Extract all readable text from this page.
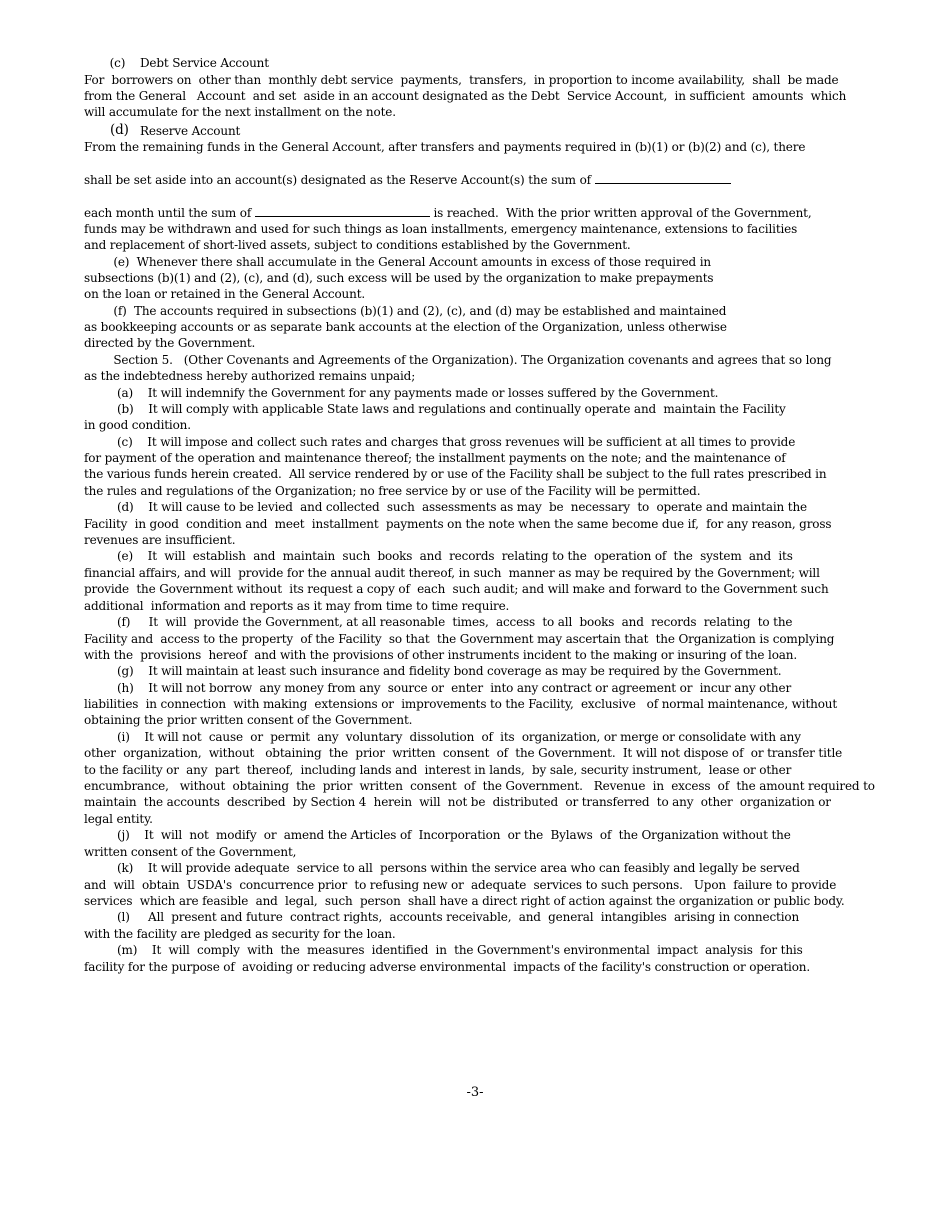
(c)    Debt Service Account
For  borrowers on  other than  monthly debt service  payments,  transfers,  in proportion to income availability,  shall  be made
from the General   Account  and set  aside in an account designated as the Debt  Service Account,  in sufficient  amounts  which
will accumulate for the next installment on the note.
(d) Reserve Account
From the remaining funds in the General Account, after transfers and payments required in (b)(1) or (b)(2) and (c), there
shall be set aside into an account(s) designated as the Reserve Account(s) the sum of
each month until the sum of	is reached.  With the prior written approval of the Government,
funds may be withdrawn and used for such things as loan installments, emergency maintenance, extensions to facilities
and replacement of short-lived assets, subject to conditions established by the Government.
(e)  Whenever there shall accumulate in the General Account amounts in excess of those required in
subsections (b)(1) and (2), (c), and (d), such excess will be used by the organization to make prepayments
on the loan or retained in the General Account.
(f)  The accounts required in subsections (b)(1) and (2), (c), and (d) may be established and maintained
as bookkeeping accounts or as separate bank accounts at the election of the Organization, unless otherwise
directed by the Government.
Section 5.   (Other Covenants and Agreements of the Organization). The Organization covenants and agrees that so long
as the indebtedness hereby authorized remains unpaid;
(a)    It will indemnify the Government for any payments made or losses suffered by the Government.
(b)    It will comply with applicable State laws and regulations and continually operate and  maintain the Facility
in good condition.
(c)    It will impose and collect such rates and charges that gross revenues will be sufficient at all times to provide
for payment of the operation and maintenance thereof; the installment payments on the note; and the maintenance of
the various funds herein created.  All service rendered by or use of the Facility shall be subject to the full rates prescribed in
the rules and regulations of the Organization; no free service by or use of the Facility will be permitted.
(d)    It will cause to be levied  and collected  such  assessments as may  be  necessary  to  operate and maintain the
Facility  in good  condition and  meet  installment  payments on the note when the same become due if,  for any reason, gross
revenues are insufficient.
(e)    It  will  establish  and  maintain  such  books  and  records  relating to the  operation of  the  system  and  its
financial affairs, and will  provide for the annual audit thereof, in such  manner as may be required by the Government; will
provide  the Government without  its request a copy of  each  such audit; and will make and forward to the Government such
additional  information and reports as it may from time to time require.
(f)     It  will  provide the Government, at all reasonable  times,  access  to all  books  and  records  relating  to the
Facility and  access to the property  of the Facility  so that  the Government may ascertain that  the Organization is complying
with the  provisions  hereof  and with the provisions of other instruments incident to the making or insuring of the loan.
(g)    It will maintain at least such insurance and fidelity bond coverage as may be required by the Government.
(h)    It will not borrow  any money from any  source or  enter  into any contract or agreement or  incur any other
liabilities  in connection  with making  extensions or  improvements to the Facility,  exclusive   of normal maintenance, without
obtaining the prior written consent of the Government.
(i)    It will not  cause  or  permit  any  voluntary  dissolution  of  its  organization, or merge or consolidate with any
other  organization,  without   obtaining  the  prior  written  consent  of  the Government.  It will not dispose of  or transfer title
to the facility or  any  part  thereof,  including lands and  interest in lands,  by sale, security instrument,  lease or other
encumbrance,   without  obtaining  the  prior  written  consent  of  the Government.   Revenue  in  excess  of  the amount required to
maintain  the accounts  described  by Section 4  herein  will  not be  distributed  or transferred  to any  other  organization or
legal entity.
(j)    It  will  not  modify  or  amend the Articles of  Incorporation  or the  Bylaws  of  the Organization without the
written consent of the Government,
(k)    It will provide adequate  service to all  persons within the service area who can feasibly and legally be served
and  will  obtain  USDA's  concurrence prior  to refusing new or  adequate  services to such persons.   Upon  failure to provide
services  which are feasible  and  legal,  such  person  shall have a direct right of action against the organization or public body.
(l)     All  present and future  contract rights,  accounts receivable,  and  general  intangibles  arising in connection
with the facility are pledged as security for the loan.
(m)    It  will  comply  with  the  measures  identified  in  the Government's environmental  impact  analysis  for this
facility for the purpose of  avoiding or reducing adverse environmental  impacts of the facility's construction or operation.
-3-
